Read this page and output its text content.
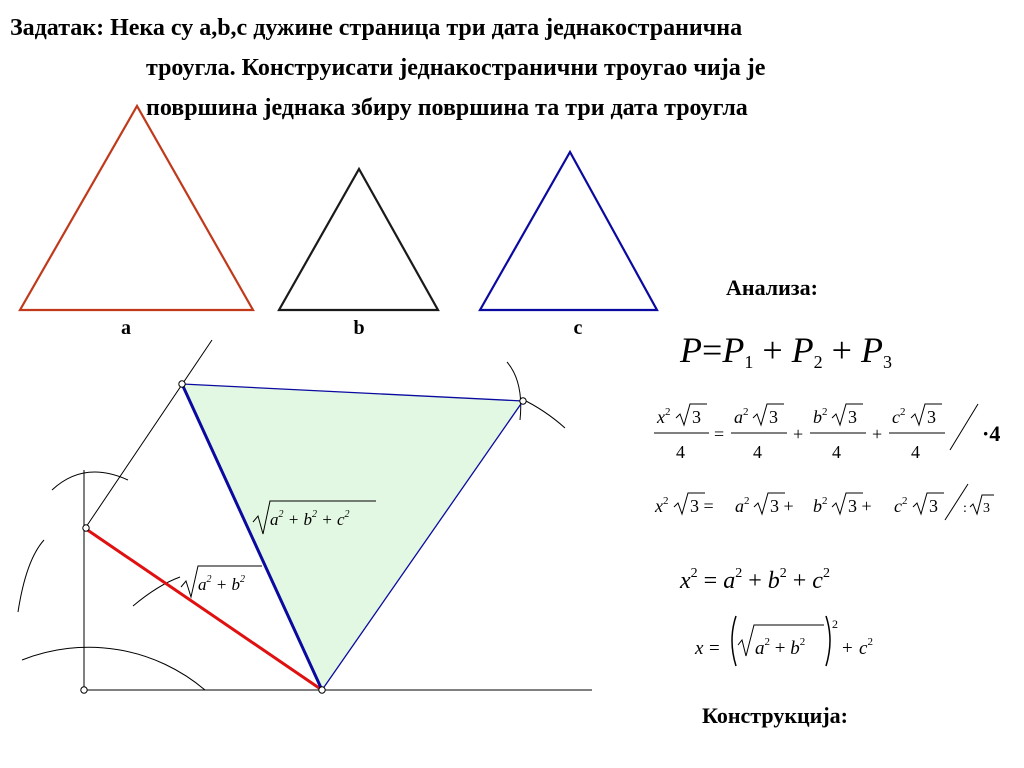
Задатак: Нека су a,b,c дужине страница три дата једнакостранична
троугла. Конструисати једнакостранични троугао чија је
површина једнака збиру површина та три дата троугла
a	b	c
$a^2 + b^2$
$a^2 + b^2 + c^2$
Анализа:
P=P1 + P2 + P3
$x^2$ 3
4
=
$a^2$ 3
4
+
$b^2$ 3
4
+
$c^2$ 3
4
·4
$x^2$ $3 = a^2$ $3 + b^2$ $3 + c^2$ 3 : 3
$x^2 = a^2 + b^2 + c^2$
$x = a^2 + b^2$
2
+ $c^2$
Конструкција:
